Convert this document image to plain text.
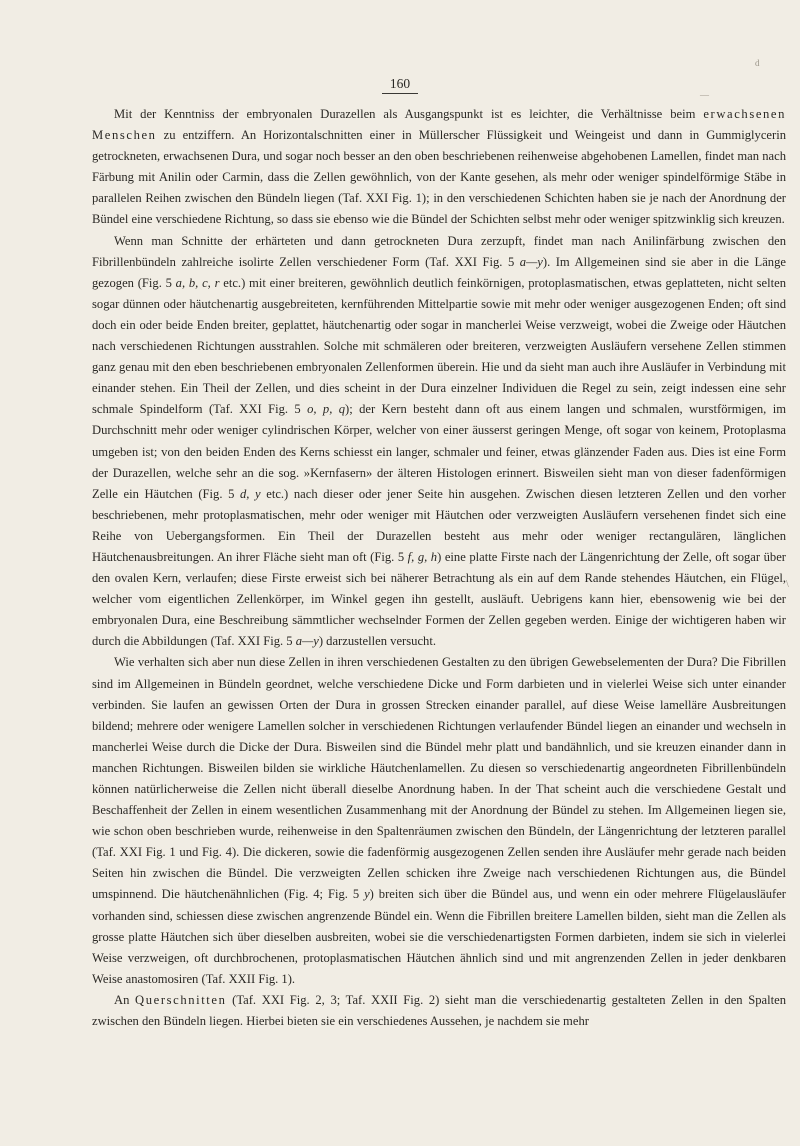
160
d
—
\

Mit der Kenntniss der embryonalen Durazellen als Ausgangspunkt ist es leichter, die Verhältnisse beim erwachsenen Menschen zu entziffern. An Horizontalschnitten einer in Müllerscher Flüssigkeit und Weingeist und dann in Gummiglycerin getrockneten, erwachsenen Dura, und sogar noch besser an den oben beschriebenen reihenweise abgehobenen Lamellen, findet man nach Färbung mit Anilin oder Carmin, dass die Zellen gewöhnlich, von der Kante gesehen, als mehr oder weniger spindelförmige Stäbe in parallelen Reihen zwischen den Bündeln liegen (Taf. XXI Fig. 1); in den verschiedenen Schichten haben sie je nach der Anordnung der Bündel eine verschiedene Richtung, so dass sie ebenso wie die Bündel der Schichten selbst mehr oder weniger spitzwinklig sich kreuzen.

Wenn man Schnitte der erhärteten und dann getrockneten Dura zerzupft, findet man nach Anilinfärbung zwischen den Fibrillenbündeln zahlreiche isolirte Zellen verschiedener Form (Taf. XXI Fig. 5 a—y). Im Allgemeinen sind sie aber in die Länge gezogen (Fig. 5 a, b, c, r etc.) mit einer breiteren, gewöhnlich deutlich feinkörnigen, protoplasmatischen, etwas geplatteten, nicht selten sogar dünnen oder häutchenartig ausgebreiteten, kernführenden Mittelpartie sowie mit mehr oder weniger ausgezogenen Enden; oft sind doch ein oder beide Enden breiter, geplattet, häutchenartig oder sogar in mancherlei Weise verzweigt, wobei die Zweige oder Häutchen nach verschiedenen Richtungen ausstrahlen. Solche mit schmäleren oder breiteren, verzweigten Ausläufern versehene Zellen stimmen ganz genau mit den eben beschriebenen embryonalen Zellenformen überein. Hie und da sieht man auch ihre Ausläufer in Verbindung mit einander stehen. Ein Theil der Zellen, und dies scheint in der Dura einzelner Individuen die Regel zu sein, zeigt indessen eine sehr schmale Spindelform (Taf. XXI Fig. 5 o, p, q); der Kern besteht dann oft aus einem langen und schmalen, wurstförmigen, im Durchschnitt mehr oder weniger cylindrischen Körper, welcher von einer äusserst geringen Menge, oft sogar von keinem, Protoplasma umgeben ist; von den beiden Enden des Kerns schiesst ein langer, schmaler und feiner, etwas glänzender Faden aus. Dies ist eine Form der Durazellen, welche sehr an die sog. »Kernfasern» der älteren Histologen erinnert. Bisweilen sieht man von dieser fadenförmigen Zelle ein Häutchen (Fig. 5 d, y etc.) nach dieser oder jener Seite hin ausgehen. Zwischen diesen letzteren Zellen und den vorher beschriebenen, mehr protoplasmatischen, mehr oder weniger mit Häutchen oder verzweigten Ausläufern versehenen findet sich eine Reihe von Uebergangsformen. Ein Theil der Durazellen besteht aus mehr oder weniger rectangulären, länglichen Häutchenausbreitungen. An ihrer Fläche sieht man oft (Fig. 5 f, g, h) eine platte Firste nach der Längenrichtung der Zelle, oft sogar über den ovalen Kern, verlaufen; diese Firste erweist sich bei näherer Betrachtung als ein auf dem Rande stehendes Häutchen, ein Flügel, welcher vom eigentlichen Zellenkörper, im Winkel gegen ihn gestellt, ausläuft. Uebrigens kann hier, ebensowenig wie bei der embryonalen Dura, eine Beschreibung sämmtlicher wechselnder Formen der Zellen gegeben werden. Einige der wichtigeren haben wir durch die Abbildungen (Taf. XXI Fig. 5 a—y) darzustellen versucht.

Wie verhalten sich aber nun diese Zellen in ihren verschiedenen Gestalten zu den übrigen Gewebselementen der Dura? Die Fibrillen sind im Allgemeinen in Bündeln geordnet, welche verschiedene Dicke und Form darbieten und in vielerlei Weise sich unter einander verbinden. Sie laufen an gewissen Orten der Dura in grossen Strecken einander parallel, auf diese Weise lamelläre Ausbreitungen bildend; mehrere oder wenigere Lamellen solcher in verschiedenen Richtungen verlaufender Bündel liegen an einander und wechseln in mancherlei Weise durch die Dicke der Dura. Bisweilen sind die Bündel mehr platt und bandähnlich, und sie kreuzen einander dann in manchen Richtungen. Bisweilen bilden sie wirkliche Häutchenlamellen. Zu diesen so verschiedenartig angeordneten Fibrillenbündeln können natürlicherweise die Zellen nicht überall dieselbe Anordnung haben. In der That scheint auch die verschiedene Gestalt und Beschaffenheit der Zellen in einem wesentlichen Zusammenhang mit der Anordnung der Bündel zu stehen. Im Allgemeinen liegen sie, wie schon oben beschrieben wurde, reihenweise in den Spaltenräumen zwischen den Bündeln, der Längenrichtung der letzteren parallel (Taf. XXI Fig. 1 und Fig. 4). Die dickeren, sowie die fadenförmig ausgezogenen Zellen senden ihre Ausläufer mehr gerade nach beiden Seiten hin zwischen die Bündel. Die verzweigten Zellen schicken ihre Zweige nach verschiedenen Richtungen aus, die Bündel umspinnend. Die häutchenähnlichen (Fig. 4; Fig. 5 y) breiten sich über die Bündel aus, und wenn ein oder mehrere Flügelausläufer vorhanden sind, schiessen diese zwischen angrenzende Bündel ein. Wenn die Fibrillen breitere Lamellen bilden, sieht man die Zellen als grosse platte Häutchen sich über dieselben ausbreiten, wobei sie die verschiedenartigsten Formen darbieten, indem sie sich in vielerlei Weise verzweigen, oft durchbrochenen, protoplasmatischen Häutchen ähnlich sind und mit angrenzenden Zellen in jeder denkbaren Weise anastomosiren (Taf. XXII Fig. 1).

An Querschnitten (Taf. XXI Fig. 2, 3; Taf. XXII Fig. 2) sieht man die verschiedenartig gestalteten Zellen in den Spalten zwischen den Bündeln liegen. Hierbei bieten sie ein verschiedenes Aussehen, je nachdem sie mehr
